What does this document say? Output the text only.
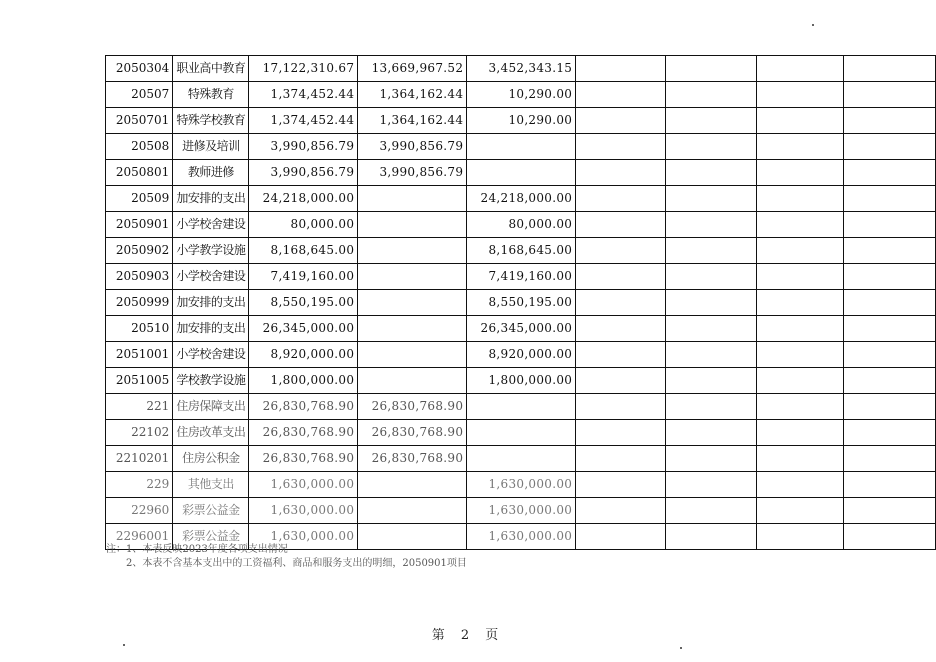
2050304	职业高中教育	17,122,310.67	13,669,967.52	3,452,343.15				
20507	特殊教育	1,374,452.44	1,364,162.44	10,290.00				
2050701	特殊学校教育	1,374,452.44	1,364,162.44	10,290.00				
20508	进修及培训	3,990,856.79	3,990,856.79					
2050801	教师进修	3,990,856.79	3,990,856.79					
20509	加安排的支出	24,218,000.00		24,218,000.00				
2050901	小学校舍建设	80,000.00		80,000.00				
2050902	小学教学设施	8,168,645.00		8,168,645.00				
2050903	小学校舍建设	7,419,160.00		7,419,160.00				
2050999	加安排的支出	8,550,195.00		8,550,195.00				
20510	加安排的支出	26,345,000.00		26,345,000.00				
2051001	小学校舍建设	8,920,000.00		8,920,000.00				
2051005	学校教学设施	1,800,000.00		1,800,000.00				
221	住房保障支出	26,830,768.90	26,830,768.90					
22102	住房改革支出	26,830,768.90	26,830,768.90					
2210201	住房公积金	26,830,768.90	26,830,768.90					
229	其他支出	1,630,000.00		1,630,000.00				
22960	彩票公益金	1,630,000.00		1,630,000.00				
2296001	彩票公益金	1,630,000.00		1,630,000.00				
注：1、本表反映2023年度各项支出情况
2、本表不含基本支出中的工资福利、商品和服务支出的明细，2050901项目
第 2 页
